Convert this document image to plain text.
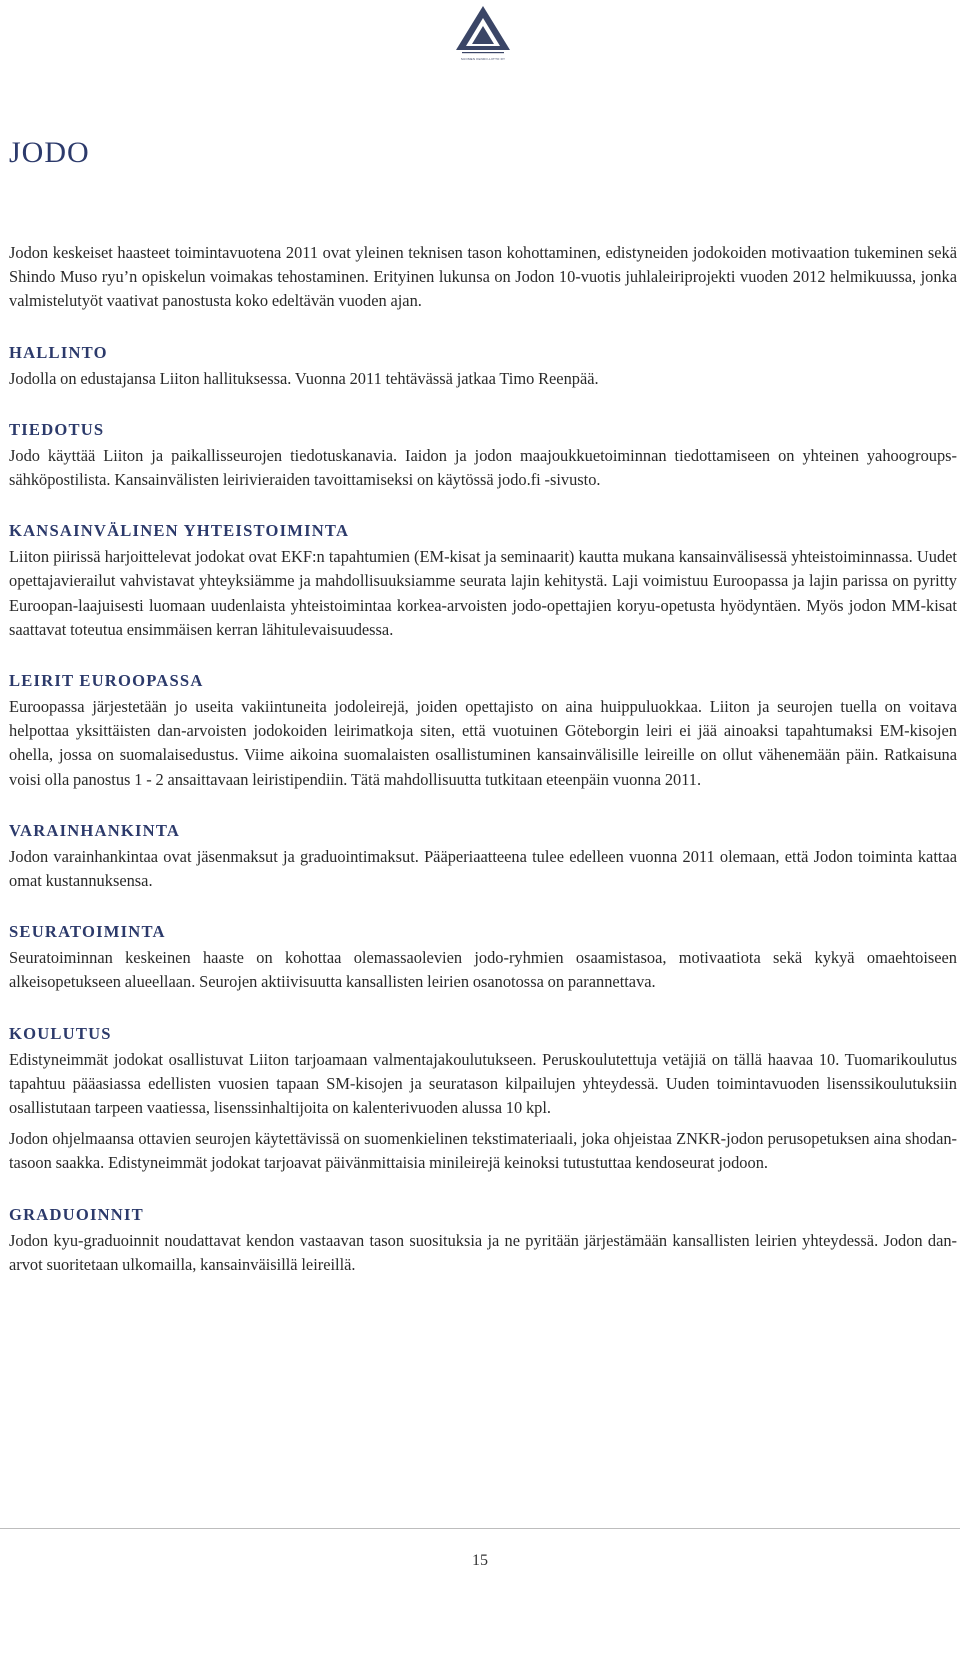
SUOMEN KENDO-LIITTO RY
JODO

Jodon keskeiset haasteet toimintavuotena 2011 ovat yleinen teknisen tason kohottaminen, edistyneiden jodokoiden motivaation tukeminen sekä Shindo Muso ryu’n opiskelun voimakas tehostaminen. Erityinen lukunsa on Jodon 10-vuotis juhlaleiriprojekti vuoden 2012 helmikuussa, jonka valmistelutyöt vaativat panostusta koko edeltävän vuoden ajan.

HALLINTO

Jodolla on edustajansa Liiton hallituksessa. Vuonna 2011 tehtävässä jatkaa Timo Reenpää.

TIEDOTUS

Jodo käyttää Liiton ja paikallisseurojen tiedotuskanavia. Iaidon ja jodon maajoukkuetoiminnan tiedottamiseen on yhteinen yahoogroups-sähköpostilista. Kansainvälisten leirivieraiden tavoittamiseksi on käytössä jodo.fi -sivusto.

KANSAINVÄLINEN YHTEISTOIMINTA

Liiton piirissä harjoittelevat jodokat ovat EKF:n tapahtumien (EM-kisat ja seminaarit) kautta mukana kansainvälisessä yhteistoiminnassa. Uudet opettajavierailut vahvistavat yhteyksiämme ja mahdollisuuksiamme seurata lajin kehitystä. Laji voimistuu Euroopassa ja lajin parissa on pyritty Euroopan-laajuisesti luomaan uudenlaista yhteistoimintaa korkea-arvoisten jodo-opettajien koryu-opetusta hyödyntäen. Myös jodon MM-kisat saattavat toteutua ensimmäisen kerran lähitulevaisuudessa.

LEIRIT EUROOPASSA

Euroopassa järjestetään jo useita vakiintuneita jodoleirejä, joiden opettajisto on aina huippuluokkaa. Liiton ja seurojen tuella on voitava helpottaa yksittäisten dan-arvoisten jodokoiden leirimatkoja siten, että vuotuinen Göteborgin leiri ei jää ainoaksi tapahtumaksi EM-kisojen ohella, jossa on suomalaisedustus. Viime aikoina suomalaisten osallistuminen kansainvälisille leireille on ollut vähenemään päin. Ratkaisuna voisi olla panostus 1 - 2 ansaittavaan leiristipendiin. Tätä mahdollisuutta tutkitaan eteenpäin vuonna 2011.

VARAINHANKINTA

Jodon varainhankintaa ovat jäsenmaksut ja graduointimaksut. Pääperiaatteena tulee edelleen vuonna 2011 olemaan, että Jodon toiminta kattaa omat kustannuksensa.

SEURATOIMINTA

Seuratoiminnan keskeinen haaste on kohottaa olemassaolevien jodo-ryhmien osaamistasoa, motivaatiota sekä kykyä omaehtoiseen alkeisopetukseen alueellaan. Seurojen aktiivisuutta kansallisten leirien osanotossa on parannettava.

KOULUTUS

Edistyneimmät jodokat osallistuvat Liiton tarjoamaan valmentajakoulutukseen. Peruskoulutettuja vetäjiä on tällä haavaa 10. Tuomarikoulutus tapahtuu pääasiassa edellisten vuosien tapaan SM-kisojen ja seuratason kilpailujen yhteydessä. Uuden toimintavuoden lisenssikoulutuksiin osallistutaan tarpeen vaatiessa, lisenssinhaltijoita on kalenterivuoden alussa 10 kpl.

Jodon ohjelmaansa ottavien seurojen käytettävissä on suomenkielinen tekstimateriaali, joka ohjeistaa ZNKR-jodon perusopetuksen aina shodan-tasoon saakka. Edistyneimmät jodokat tarjoavat päivänmittaisia minileirejä keinoksi tutustuttaa kendoseurat jodoon.

GRADUOINNIT

Jodon kyu-graduoinnit noudattavat kendon vastaavan tason suosituksia ja ne pyritään järjestämään kansallisten leirien yhteydessä. Jodon dan-arvot suoritetaan ulkomailla, kansainväisillä leireillä.

15
